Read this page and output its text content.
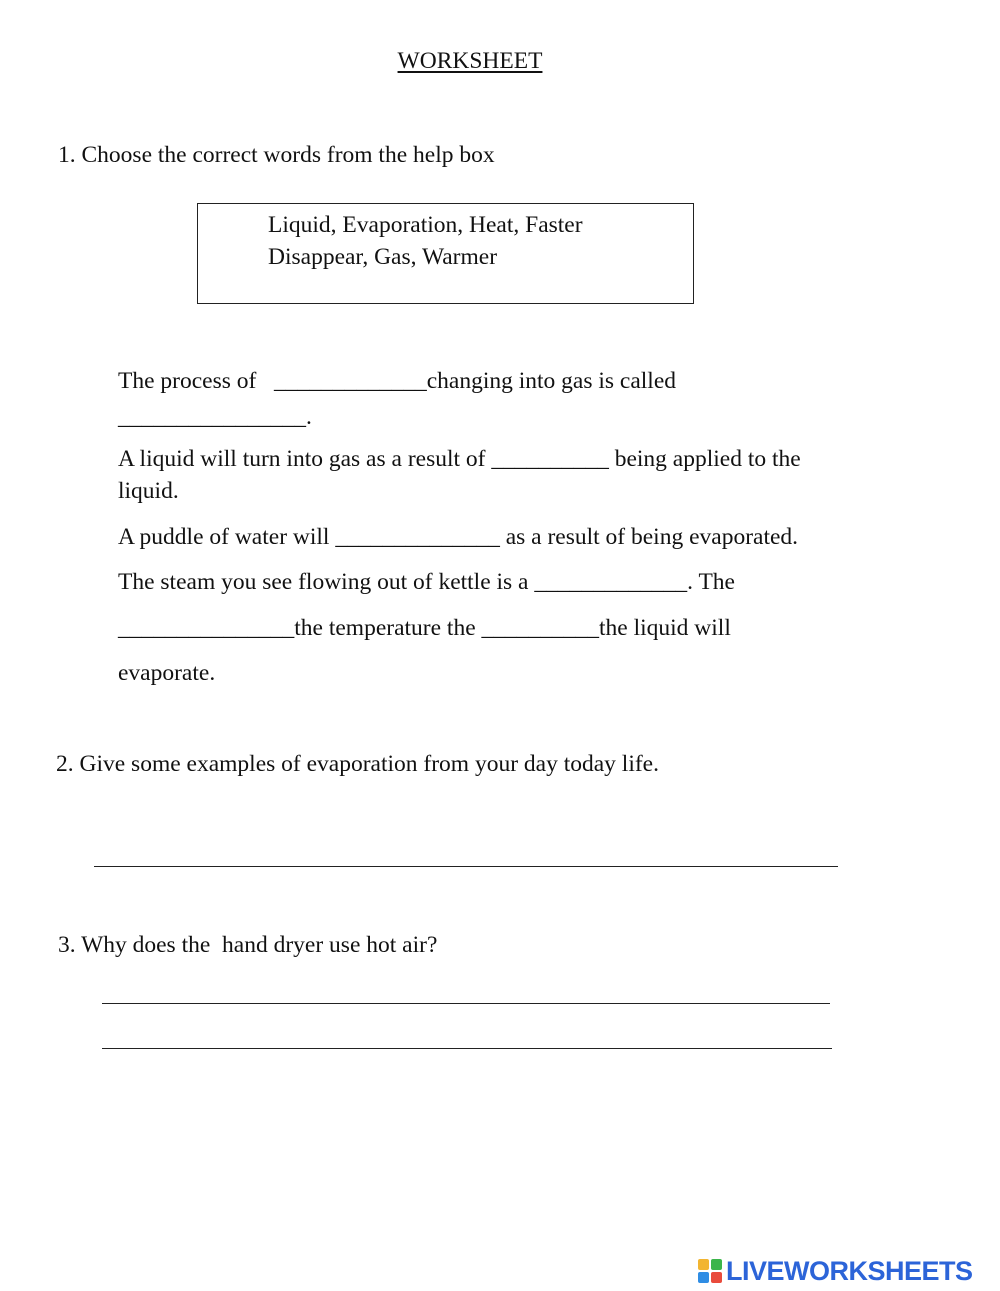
WORKSHEET
1. Choose the correct words from the help box
Liquid, Evaporation, Heat, Faster
Disappear, Gas, Warmer
The process of   _____________changing into gas is called
________________.
A liquid will turn into gas as a result of __________ being applied to the
liquid.
A puddle of water will ______________ as a result of being evaporated.
The steam you see flowing out of kettle is a _____________. The
_______________the temperature the __________the liquid will
evaporate.
2. Give some examples of evaporation from your day today life.
3. Why does the  hand dryer use hot air?
LIVEWORKSHEETS
